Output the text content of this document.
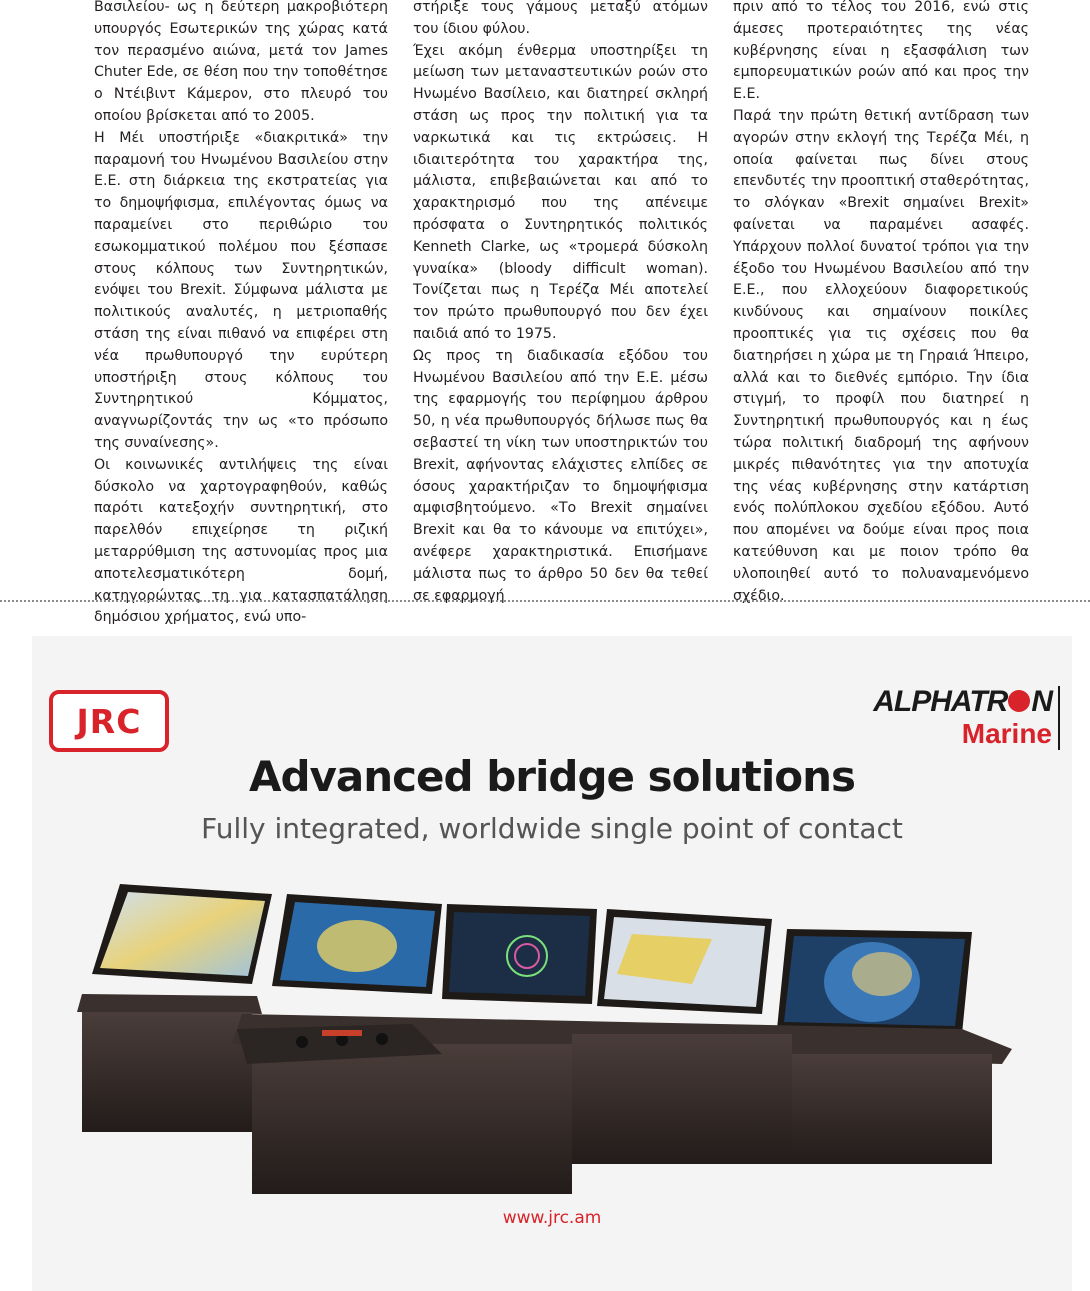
Βασιλείου- ως η δεύτερη μακροβιότερη υπουργός Εσωτερικών της χώρας κατά τον περασμένο αιώνα, μετά τον James Chuter Ede, σε θέση που την τοποθέτησε ο Ντέιβιντ Κάμερον, στο πλευρό του οποίου βρίσκεται από το 2005.

Η Μέι υποστήριξε «διακριτικά» την παραμονή του Ηνωμένου Βασιλείου στην Ε.Ε. στη διάρκεια της εκστρατείας για το δημοψήφισμα, επιλέγοντας όμως να παραμείνει στο περιθώριο του εσωκομματικού πολέμου που ξέσπασε στους κόλπους των Συντηρητικών, ενόψει του Brexit. Σύμφωνα μάλιστα με πολιτικούς αναλυτές, η μετριοπαθής στάση της είναι πιθανό να επιφέρει στη νέα πρωθυπουργό την ευρύτερη υποστήριξη στους κόλπους του Συντηρητικού Κόμματος, αναγνωρίζοντάς την ως «το πρόσωπο της συναίνεσης».

Οι κοινωνικές αντιλήψεις της είναι δύσκολο να χαρτογραφηθούν, καθώς παρότι κατεξοχήν συντηρητική, στο παρελθόν επιχείρησε τη ριζική μεταρρύθμιση της αστυνομίας προς μια αποτελεσματικότερη δομή, κατηγορώντας τη για κατασπατάληση δημόσιου χρήματος, ενώ υπο-

στήριξε τους γάμους μεταξύ ατόμων του ίδιου φύλου.

Έχει ακόμη ένθερμα υποστηρίξει τη μείωση των μεταναστευτικών ροών στο Ηνωμένο Βασίλειο, και διατηρεί σκληρή στάση ως προς την πολιτική για τα ναρκωτικά και τις εκτρώσεις. Η ιδιαιτερότητα του χαρακτήρα της, μάλιστα, επιβεβαιώνεται και από το χαρακτηρισμό που της απένειμε πρόσφατα ο Συντηρητικός πολιτικός Kenneth Clarke, ως «τρομερά δύσκολη γυναίκα» (bloody difficult woman). Τονίζεται πως η Τερέζα Μέι αποτελεί τον πρώτο πρωθυπουργό που δεν έχει παιδιά από το 1975.

Ως προς τη διαδικασία εξόδου του Ηνωμένου Βασιλείου από την Ε.Ε. μέσω της εφαρμογής του περίφημου άρθρου 50, η νέα πρωθυπουργός δήλωσε πως θα σεβαστεί τη νίκη των υποστηρικτών του Brexit, αφήνοντας ελάχιστες ελπίδες σε όσους χαρακτήριζαν το δημοψήφισμα αμφισβητούμενο. «Το Brexit σημαίνει Brexit και θα το κάνουμε να επιτύχει», ανέφερε χαρακτηριστικά. Επισήμανε μάλιστα πως το άρθρο 50 δεν θα τεθεί σε εφαρμογή

πριν από το τέλος του 2016, ενώ στις άμεσες προτεραιότητες της νέας κυβέρνησης είναι η εξασφάλιση των εμπορευματικών ροών από και προς την Ε.Ε.

Παρά την πρώτη θετική αντίδραση των αγορών στην εκλογή της Τερέζα Μέι, η οποία φαίνεται πως δίνει στους επενδυτές την προοπτική σταθερότητας, το σλόγκαν «Brexit σημαίνει Brexit» φαίνεται να παραμένει ασαφές. Υπάρχουν πολλοί δυνατοί τρόποι για την έξοδο του Ηνωμένου Βασιλείου από την Ε.Ε., που ελλοχεύουν διαφορετικούς κινδύνους και σημαίνουν ποικίλες προοπτικές για τις σχέσεις που θα διατηρήσει η χώρα με τη Γηραιά Ήπειρο, αλλά και το διεθνές εμπόριο. Την ίδια στιγμή, το προφίλ που διατηρεί η Συντηρητική πρωθυπουργός και η έως τώρα πολιτική διαδρομή της αφήνουν μικρές πιθανότητες για την αποτυχία της νέας κυβέρνησης στην κατάρτιση ενός πολύπλοκου σχεδίου εξόδου. Αυτό που απομένει να δούμε είναι προς ποια κατεύθυνση και με ποιον τρόπο θα υλοποιηθεί αυτό το πολυαναμενόμενο σχέδιο.

JRC	ALPHATR N
Marine
Advanced bridge solutions
Fully integrated, worldwide single point of contact
www.jrc.am
